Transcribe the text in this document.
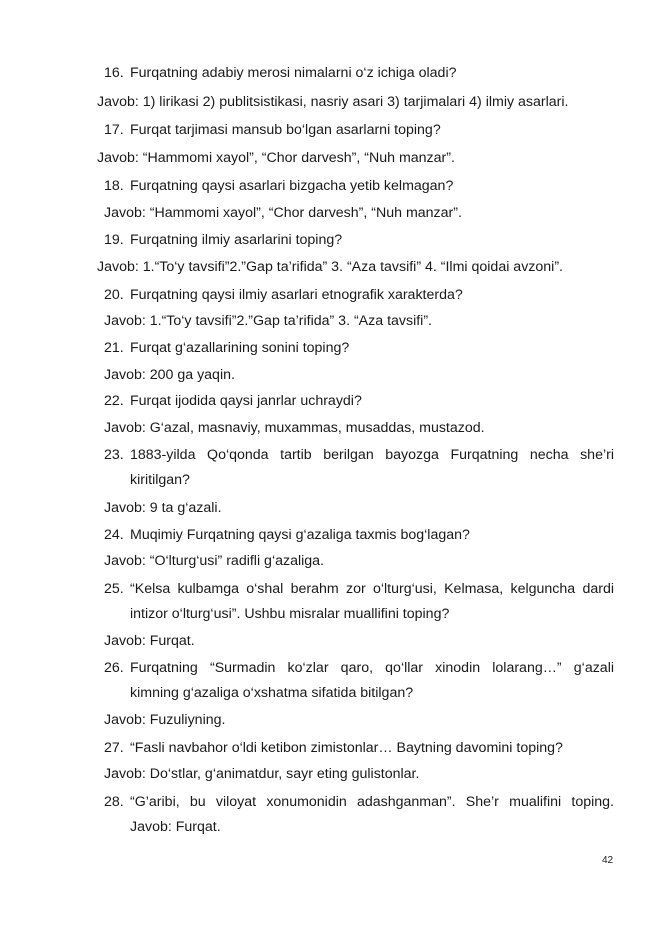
16. Furqatning adabiy merosi nimalarni o‘z ichiga oladi?
Javob: 1) lirikasi 2) publitsistikasi, nasriy asari 3) tarjimalari 4) ilmiy asarlari.
17. Furqat tarjimasi mansub bo‘lgan asarlarni toping?
Javob: “Hammomi xayol”, “Chor darvesh”, “Nuh manzar”.
18. Furqatning qaysi asarlari bizgacha yetib kelmagan?
Javob: “Hammomi xayol”, “Chor darvesh”, “Nuh manzar”.
19. Furqatning ilmiy asarlarini toping?
Javob: 1.“To‘y tavsifi”2.”Gap ta’rifida” 3. “Aza tavsifi” 4. “Ilmi qoidai avzoni”.
20. Furqatning qaysi ilmiy asarlari etnografik xarakterda?
Javob: 1.“To‘y tavsifi”2.”Gap ta’rifida” 3. “Aza tavsifi”.
21. Furqat g‘azallarining sonini toping?
Javob: 200 ga yaqin.
22. Furqat ijodida qaysi janrlar uchraydi?
Javob: G‘azal, masnaviy, muxammas, musaddas, mustazod.
23. 1883-yilda Qo‘qonda tartib berilgan bayozga Furqatning necha she’ri
kiritilgan?
Javob: 9 ta g‘azali.
24. Muqimiy Furqatning qaysi g‘azaliga taxmis bog‘lagan?
Javob: “O‘lturg‘usi” radifli g‘azaliga.
25. “Kelsa kulbamga o‘shal berahm zor o‘lturg‘usi, Kelmasa, kelguncha dardi
intizor o‘lturg‘usi”. Ushbu misralar muallifini toping?
Javob: Furqat.
26. Furqatning “Surmadin ko‘zlar qaro, qo‘llar xinodin lolarang…” g‘azali
kimning g‘azaliga o‘xshatma sifatida bitilgan?
Javob: Fuzuliyning.
27. “Fasli navbahor o‘ldi ketibon zimistonlar… Baytning davomini toping?
Javob: Do‘stlar, g‘animatdur, sayr eting gulistonlar.
28. “G’aribi, bu viloyat xonumonidin adashganman”. She’r mualifini toping.
Javob: Furqat.
42
